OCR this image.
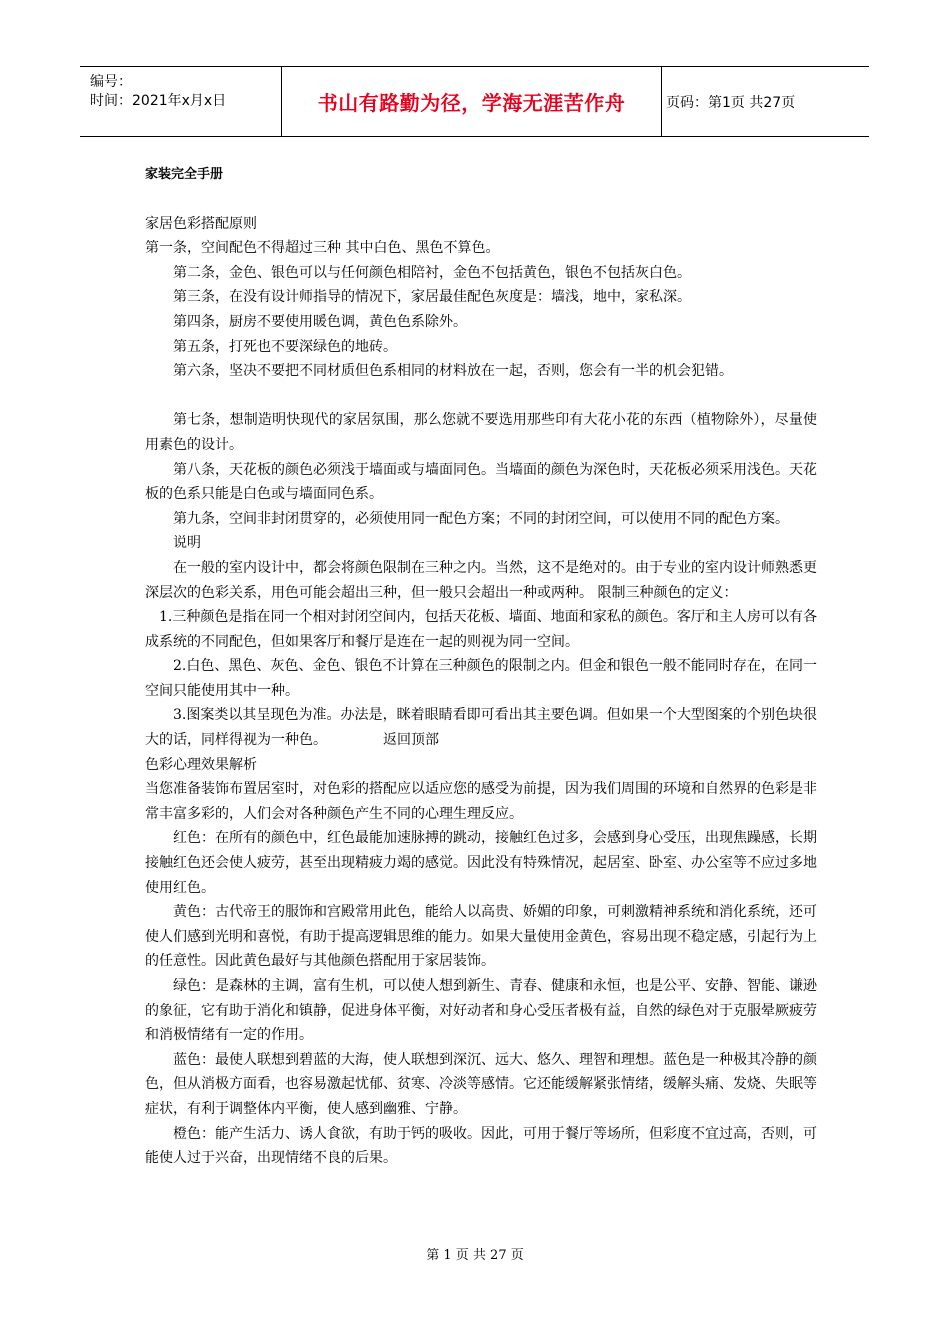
编号：
时间：2021年x月x日	书山有路勤为径，学海无涯苦作舟	页码：第1页 共27页

家装完全手册

家居色彩搭配原则

第一条，空间配色不得超过三种 其中白色、黑色不算色。

第二条，金色、银色可以与任何颜色相陪衬，金色不包括黄色，银色不包括灰白色。

第三条，在没有设计师指导的情况下，家居最佳配色灰度是：墙浅，地中，家私深。

第四条，厨房不要使用暖色调，黄色色系除外。

第五条，打死也不要深绿色的地砖。

第六条，坚决不要把不同材质但色系相同的材料放在一起，否则，您会有一半的机会犯错。

第七条，想制造明快现代的家居氛围，那么您就不要选用那些印有大花小花的东西（植物除外），尽量使用素色的设计。

第八条，天花板的颜色必须浅于墙面或与墙面同色。当墙面的颜色为深色时，天花板必须采用浅色。天花板的色系只能是白色或与墙面同色系。

第九条，空间非封闭贯穿的，必须使用同一配色方案；不同的封闭空间，可以使用不同的配色方案。

说明

在一般的室内设计中，都会将颜色限制在三种之内。当然，这不是绝对的。由于专业的室内设计师熟悉更深层次的色彩关系，用色可能会超出三种，但一般只会超出一种或两种。 限制三种颜色的定义：

1.三种颜色是指在同一个相对封闭空间内，包括天花板、墙面、地面和家私的颜色。客厅和主人房可以有各成系统的不同配色，但如果客厅和餐厅是连在一起的则视为同一空间。

2.白色、黑色、灰色、金色、银色不计算在三种颜色的限制之内。但金和银色一般不能同时存在，在同一空间只能使用其中一种。

3.图案类以其呈现色为准。办法是，眯着眼睛看即可看出其主要色调。但如果一个大型图案的个别色块很大的话，同样得视为一种色。	返回顶部

色彩心理效果解析

当您准备装饰布置居室时，对色彩的搭配应以适应您的感受为前提，因为我们周围的环境和自然界的色彩是非常丰富多彩的，人们会对各种颜色产生不同的心理生理反应。

红色：在所有的颜色中，红色最能加速脉搏的跳动，接触红色过多，会感到身心受压，出现焦躁感，长期接触红色还会使人疲劳，甚至出现精疲力竭的感觉。因此没有特殊情况，起居室、卧室、办公室等不应过多地使用红色。

黄色：古代帝王的服饰和宫殿常用此色，能给人以高贵、娇媚的印象，可刺激精神系统和消化系统，还可使人们感到光明和喜悦，有助于提高逻辑思维的能力。如果大量使用金黄色，容易出现不稳定感，引起行为上的任意性。因此黄色最好与其他颜色搭配用于家居装饰。

绿色：是森林的主调，富有生机，可以使人想到新生、青春、健康和永恒，也是公平、安静、智能、谦逊的象征，它有助于消化和镇静，促进身体平衡，对好动者和身心受压者极有益，自然的绿色对于克服晕厥疲劳和消极情绪有一定的作用。

蓝色：最使人联想到碧蓝的大海，使人联想到深沉、远大、悠久、理智和理想。蓝色是一种极其冷静的颜色，但从消极方面看，也容易激起忧郁、贫寒、冷淡等感情。它还能缓解紧张情绪，缓解头痛、发烧、失眠等症状，有利于调整体内平衡，使人感到幽雅、宁静。

橙色：能产生活力、诱人食欲，有助于钙的吸收。因此，可用于餐厅等场所，但彩度不宜过高，否则，可能使人过于兴奋，出现情绪不良的后果。

第 1 页 共 27 页
